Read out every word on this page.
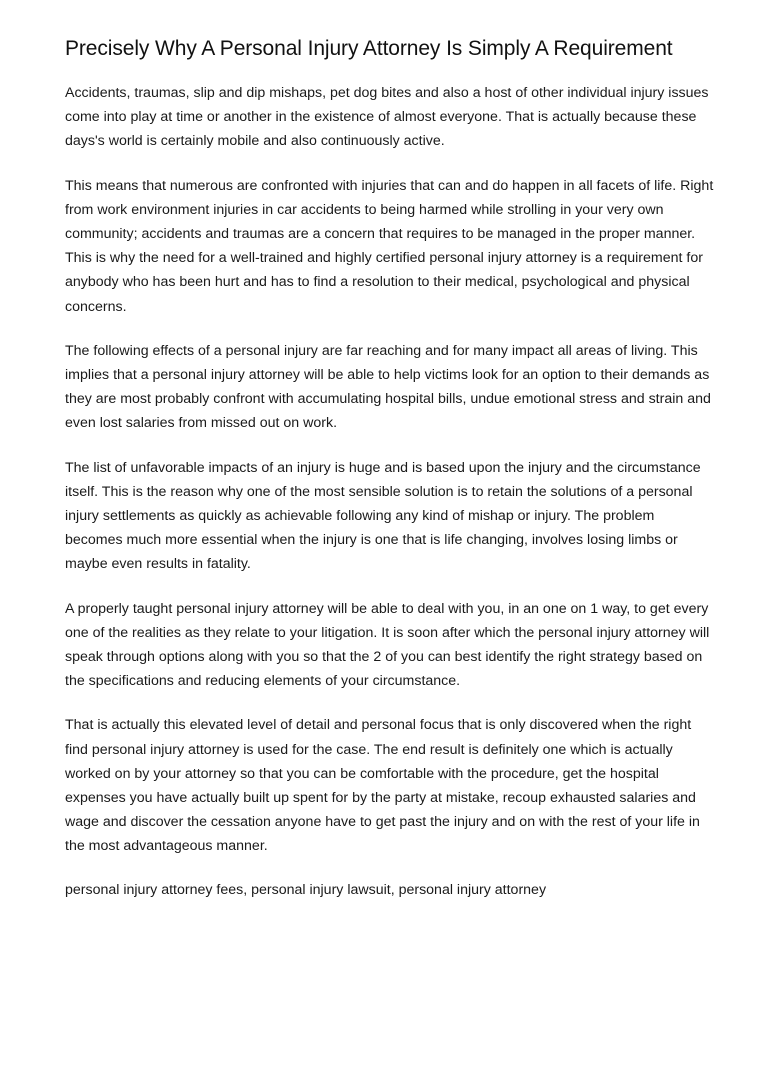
Precisely Why A Personal Injury Attorney Is Simply A Requirement

Accidents, traumas, slip and dip mishaps, pet dog bites and also a host of other individual injury issues come into play at time or another in the existence of almost everyone. That is actually because these days's world is certainly mobile and also continuously active.

This means that numerous are confronted with injuries that can and do happen in all facets of life. Right from work environment injuries in car accidents to being harmed while strolling in your very own community; accidents and traumas are a concern that requires to be managed in the proper manner. This is why the need for a well-trained and highly certified personal injury attorney is a requirement for anybody who has been hurt and has to find a resolution to their medical, psychological and physical concerns.

The following effects of a personal injury are far reaching and for many impact all areas of living. This implies that a personal injury attorney will be able to help victims look for an option to their demands as they are most probably confront with accumulating hospital bills, undue emotional stress and strain and even lost salaries from missed out on work.

The list of unfavorable impacts of an injury is huge and is based upon the injury and the circumstance itself. This is the reason why one of the most sensible solution is to retain the solutions of a personal injury settlements as quickly as achievable following any kind of mishap or injury. The problem becomes much more essential when the injury is one that is life changing, involves losing limbs or maybe even results in fatality.

A properly taught personal injury attorney will be able to deal with you, in an one on 1 way, to get every one of the realities as they relate to your litigation. It is soon after which the personal injury attorney will speak through options along with you so that the 2 of you can best identify the right strategy based on the specifications and reducing elements of your circumstance.

That is actually this elevated level of detail and personal focus that is only discovered when the right find personal injury attorney is used for the case. The end result is definitely one which is actually worked on by your attorney so that you can be comfortable with the procedure, get the hospital expenses you have actually built up spent for by the party at mistake, recoup exhausted salaries and wage and discover the cessation anyone have to get past the injury and on with the rest of your life in the most advantageous manner.

personal injury attorney fees, personal injury lawsuit, personal injury attorney
